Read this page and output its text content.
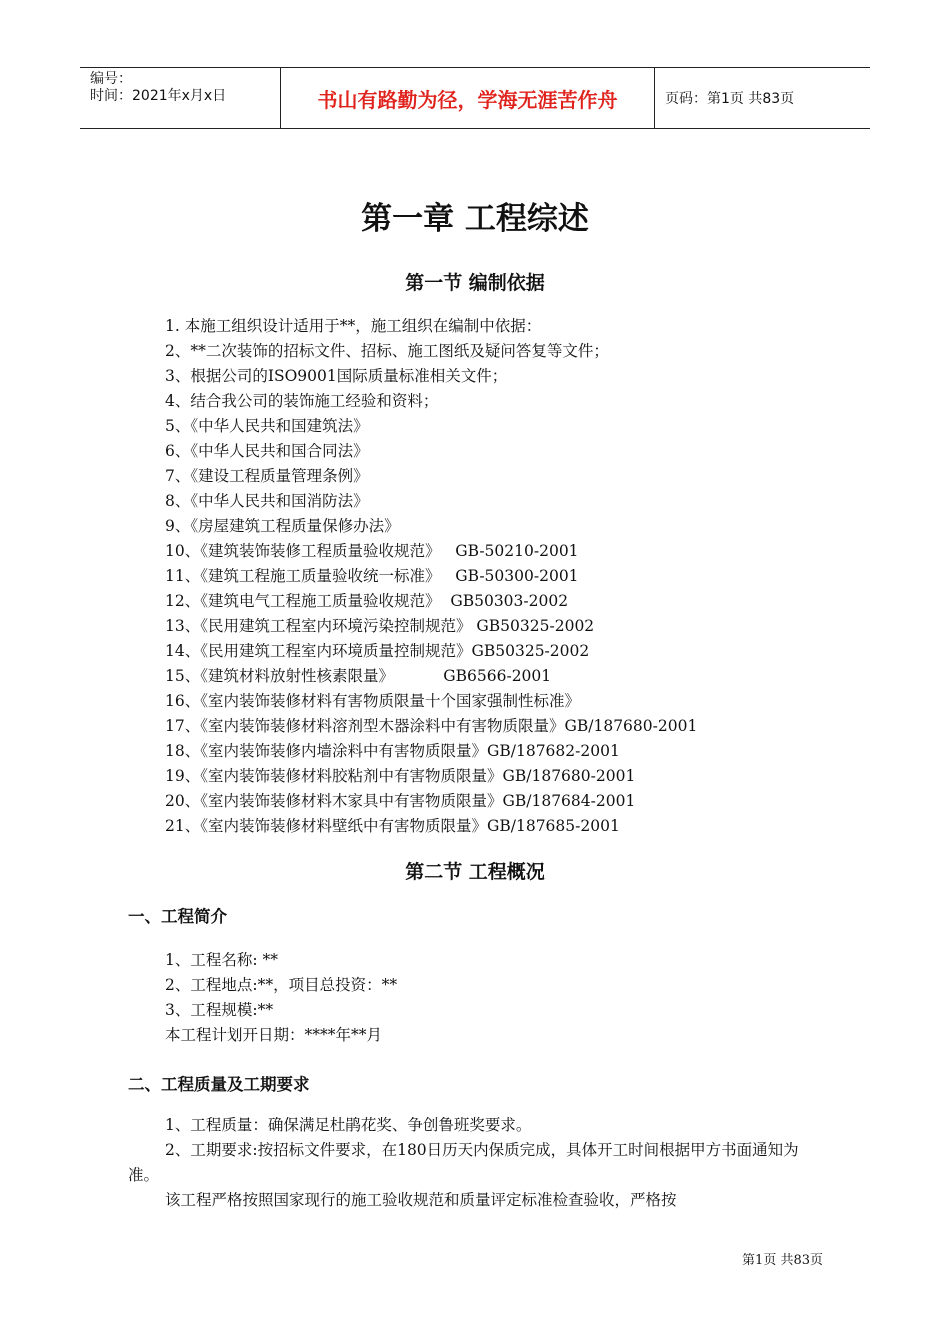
编号：
时间：2021年x月x日	书山有路勤为径，学海无涯苦作舟	页码：第1页 共83页
第一章 工程综述
第一节 编制依据
1. 本施工组织设计适用于**，施工组织在编制中依据：
2、**二次装饰的招标文件、招标、施工图纸及疑问答复等文件；
3、根据公司的ISO9001国际质量标准相关文件；
4、结合我公司的装饰施工经验和资料；
5、《中华人民共和国建筑法》
6、《中华人民共和国合同法》
7、《建设工程质量管理条例》
8、《中华人民共和国消防法》
9、《房屋建筑工程质量保修办法》
10、《建筑装饰装修工程质量验收规范》   GB-50210-2001
11、《建筑工程施工质量验收统一标准》   GB-50300-2001
12、《建筑电气工程施工质量验收规范》  GB50303-2002
13、《民用建筑工程室内环境污染控制规范》 GB50325-2002
14、《民用建筑工程室内环境质量控制规范》GB50325-2002
15、《建筑材料放射性核素限量》          GB6566-2001
16、《室内装饰装修材料有害物质限量十个国家强制性标准》
17、《室内装饰装修材料溶剂型木器涂料中有害物质限量》GB/187680-2001
18、《室内装饰装修内墙涂料中有害物质限量》GB/187682-2001
19、《室内装饰装修材料胶粘剂中有害物质限量》GB/187680-2001
20、《室内装饰装修材料木家具中有害物质限量》GB/187684-2001
21、《室内装饰装修材料壁纸中有害物质限量》GB/187685-2001
第二节 工程概况
一、工程简介
1、工程名称: **
2、工程地点:**，项目总投资：**
3、工程规模:**
本工程计划开日期：****年**月
二、工程质量及工期要求
1、工程质量：确保满足杜鹃花奖、争创鲁班奖要求。

2、工期要求:按招标文件要求，在180日历天内保质完成，具体开工时间根据甲方书面通知为准。

该工程严格按照国家现行的施工验收规范和质量评定标准检查验收，严格按

第1页 共83页
